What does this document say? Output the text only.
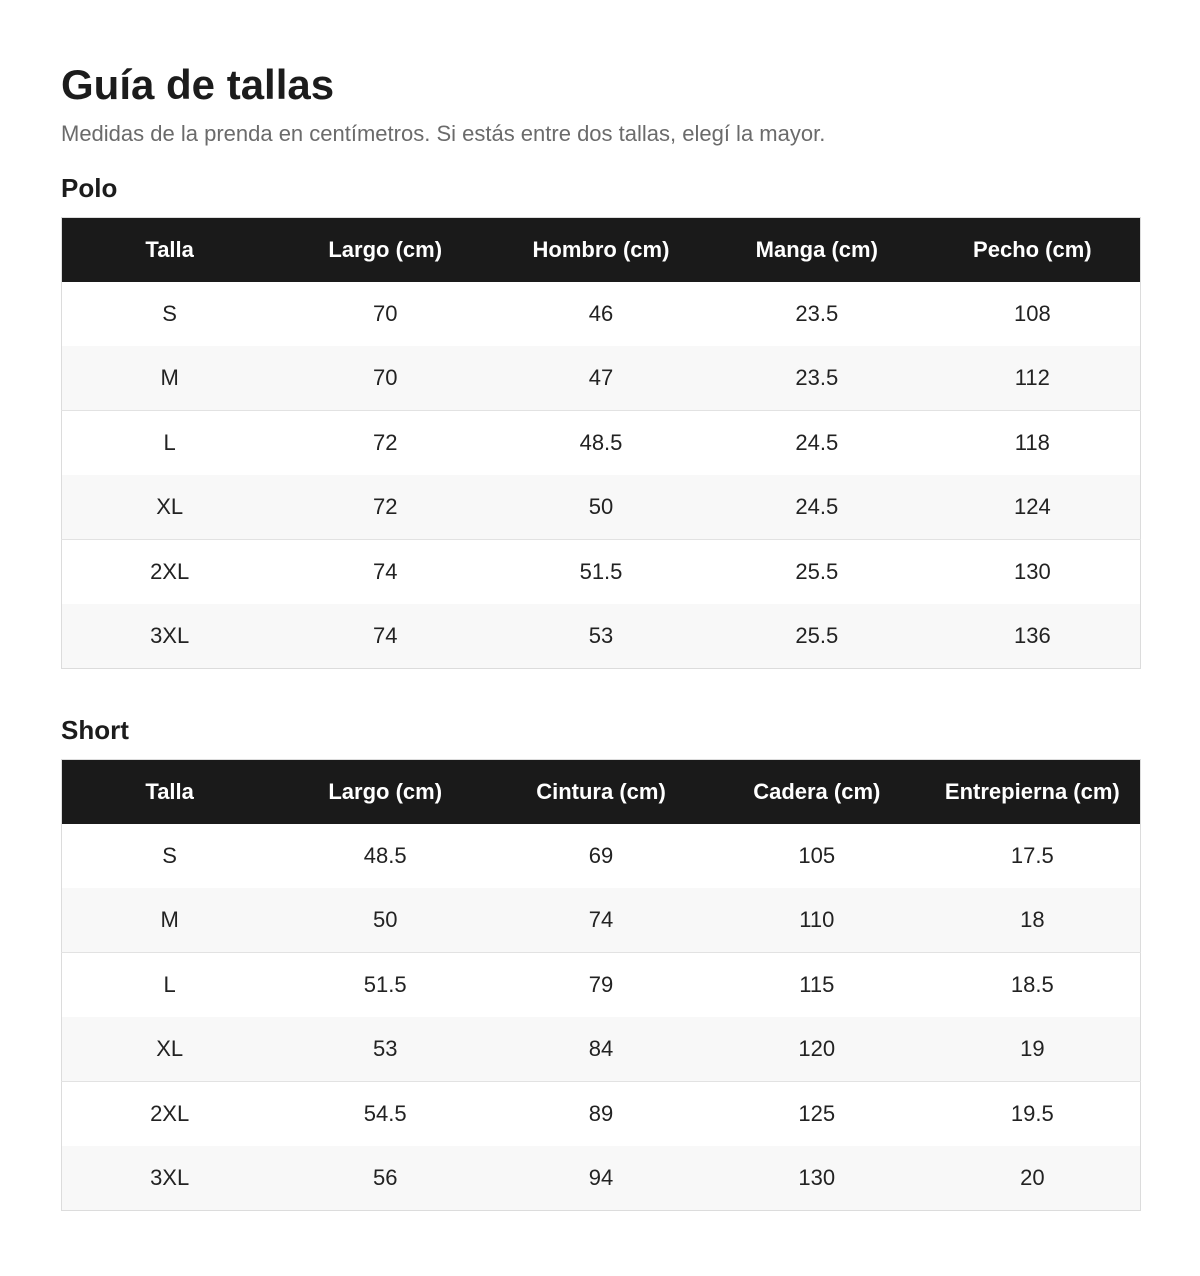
Guía de tallas

Medidas de la prenda en centímetros. Si estás entre dos tallas, elegí la mayor.

Polo
Talla	Largo (cm)	Hombro (cm)	Manga (cm)	Pecho (cm)
S	70	46	23.5	108
M	70	47	23.5	112
L	72	48.5	24.5	118
XL	72	50	24.5	124
2XL	74	51.5	25.5	130
3XL	74	53	25.5	136
Short
Talla	Largo (cm)	Cintura (cm)	Cadera (cm)	Entrepierna (cm)
S	48.5	69	105	17.5
M	50	74	110	18
L	51.5	79	115	18.5
XL	53	84	120	19
2XL	54.5	89	125	19.5
3XL	56	94	130	20
